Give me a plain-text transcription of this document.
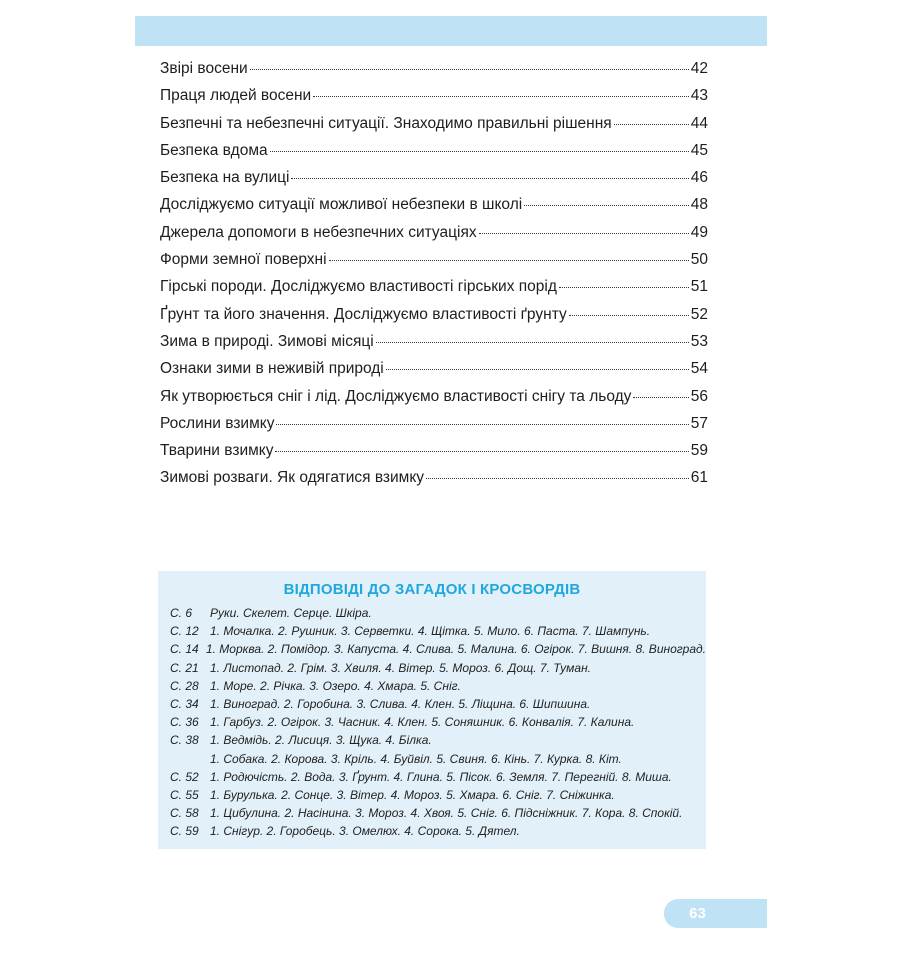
Звірі восени	42
Праця людей восени	43
Безпечні та небезпечні ситуації. Знаходимо правильні рішення	44
Безпека вдома	45
Безпека на вулиці	46
Досліджуємо ситуації можливої небезпеки в школі	48
Джерела допомоги в небезпечних ситуаціях	49
Форми земної поверхні	50
Гірські породи. Досліджуємо властивості гірських порід	51
Ґрунт та його значення. Досліджуємо властивості ґрунту	52
Зима в природі. Зимові місяці	53
Ознаки зими в неживій природі	54
Як утворюється сніг і лід. Досліджуємо властивості снігу та льоду	56
Рослини взимку	57
Тварини взимку	59
Зимові розваги. Як одягатися взимку	61
ВІДПОВІДІ ДО ЗАГАДОК І КРОСВОРДІВ
С. 6	Руки. Скелет. Серце. Шкіра.
С. 12 1. Мочалка. 2. Рушник. 3. Серветки. 4. Щітка. 5. Мило. 6. Паста. 7. Шампунь.
С. 14 1. Морква. 2. Помідор. 3. Капуста. 4. Слива. 5. Малина. 6. Огірок. 7. Вишня. 8. Виноград.
С. 21 1. Листопад. 2. Грім. 3. Хвиля. 4. Вітер. 5. Мороз. 6. Дощ. 7. Туман.
С. 28 1. Море. 2. Річка. 3. Озеро. 4. Хмара. 5. Сніг.
С. 34 1. Виноград. 2. Горобина. 3. Слива. 4. Клен. 5. Ліщина. 6. Шипшина.
С. 36 1. Гарбуз. 2. Огірок. 3. Часник. 4. Клен. 5. Соняшник. 6. Конвалія. 7. Калина.
С. 38 1. Ведмідь. 2. Лисиця. 3. Щука. 4. Білка.
1. Собака. 2. Корова. 3. Кріль. 4. Буйвіл. 5. Свиня. 6. Кінь. 7. Курка. 8. Кіт.
С. 52 1. Родючість. 2. Вода. 3. Ґрунт. 4. Глина. 5. Пісок. 6. Земля. 7. Перегній. 8. Миша.
С. 55 1. Бурулька. 2. Сонце. 3. Вітер. 4. Мороз. 5. Хмара. 6. Сніг. 7. Сніжинка.
С. 58 1. Цибулина. 2. Насінина. 3. Мороз. 4. Хвоя. 5. Сніг. 6. Підсніжник. 7. Кора. 8. Спокій.
С. 59 1. Снігур. 2. Горобець. 3. Омелюх. 4. Сорока. 5. Дятел.
63
